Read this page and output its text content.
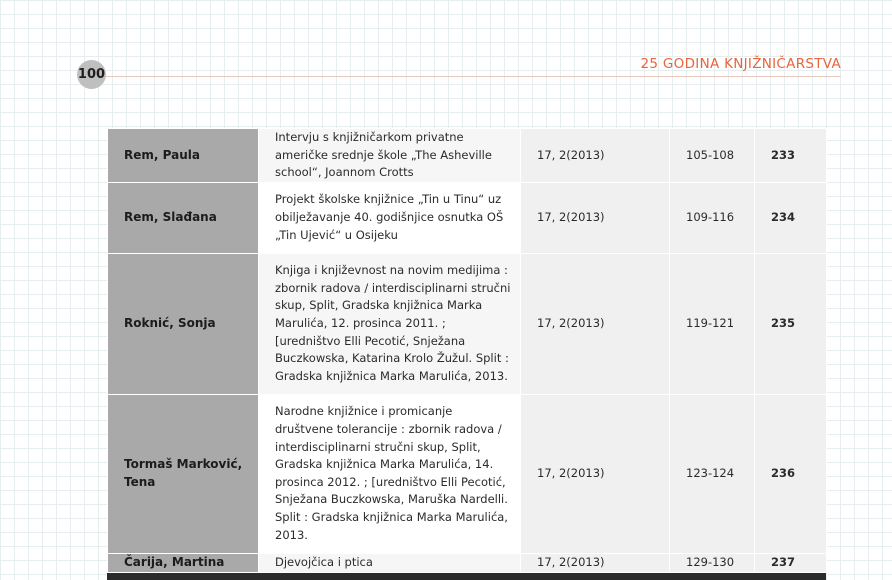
100
25 GODINA KNJIŽNIČARSTVA
Rem, Paula	Intervju s knjižničarkom privatne američke srednje škole „The Asheville school“, Joannom Crotts	17, 2(2013)	105-108	233
Rem, Slađana	Projekt školske knjižnice „Tin u Tinu“ uz obilježavanje 40. godišnjice osnutka OŠ „Tin Ujević“ u Osijeku	17, 2(2013)	109-116	234
Roknić, Sonja	Knjiga i književnost na novim medijima : zbornik radova / interdisciplinarni stručni skup, Split, Gradska knjižnica Marka Marulića, 12. prosinca 2011. ; [uredništvo Elli Pecotić, Snježana Buczkowska, Katarina Krolo Žužul. Split : Gradska knjižnica Marka Marulića, 2013.	17, 2(2013)	119-121	235
Tormaš Marković, Tena	Narodne knjižnice i promicanje društvene tolerancije : zbornik radova / interdisciplinarni stručni skup, Split, Gradska knjižnica Marka Marulića, 14. prosinca 2012. ; [uredništvo Elli Pecotić, Snježana Buczkowska, Maruška Nardelli. Split : Gradska knjižnica Marka Marulića, 2013.	17, 2(2013)	123-124	236
Čarija, Martina	Djevojčica i ptica	17, 2(2013)	129-130	237
